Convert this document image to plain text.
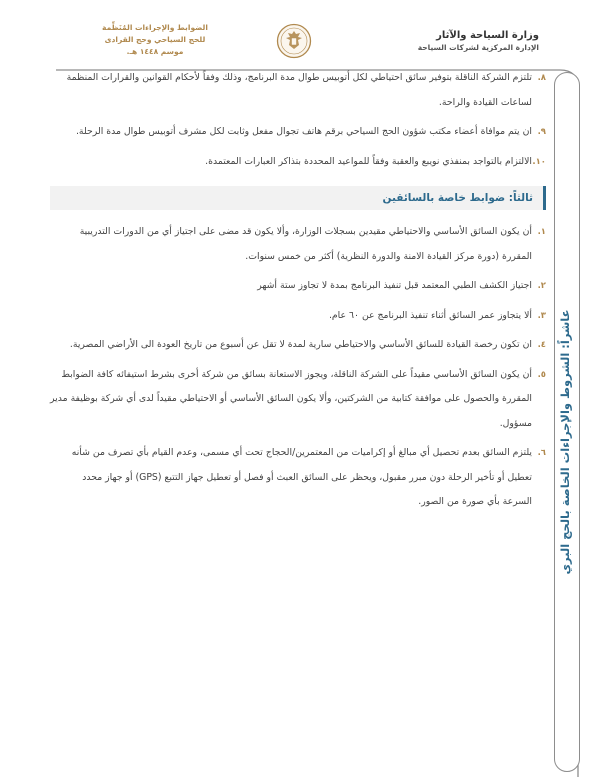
وزارة السياحة والآثار
الإدارة المركزية لشركات السياحة
الضوابط والإجراءات المُنَظِّمة
للحج السياحي وحج القرادى
موسم ١٤٤٨ هـ.
عاشراً: الشروط والإجراءات الخاصة بالحج البري
٨.
تلتزم الشركة الناقلة بتوفير سائق احتياطي لكل أتوبيس طوال مدة البرنامج، وذلك وفقاً لأحكام القوانين والقرارات المنظمة لساعات القيادة والراحة.
٩.
ان يتم موافاة أعضاء مكتب شؤون الحج السياحي برقم هاتف تجوال مفعل وثابت لكل مشرف أتوبيس طوال مدة الرحلة.
١٠.
الالتزام بالتواجد بمنفذي نويبع والعقبة وفقاً للمواعيد المحددة بتذاكر العبارات المعتمدة.
ثالثاً: ضوابط خاصة بالسائقين
١.
أن يكون السائق الأساسي والاحتياطي مقيدين بسجلات الوزارة، وألا يكون قد مضى على اجتياز أي من الدورات التدريبية المقررة (دورة مركز القيادة الامنة والدورة النظرية) أكثر من خمس سنوات.
٢.
اجتياز الكشف الطبي المعتمد قبل تنفيذ البرنامج بمدة لا تجاوز ستة أشهر
٣.
ألا يتجاوز عمر السائق أثناء تنفيذ البرنامج عن ٦٠ عام.
٤.
ان تكون رخصة القيادة للسائق الأساسي والاحتياطي سارية لمدة لا تقل عن أسبوع من تاريخ العودة الى الأراضي المصرية.
٥.
أن يكون السائق الأساسي مقيداً على الشركة الناقلة، ويجوز الاستعانة بسائق من شركة أخرى بشرط استيفائه كافة الضوابط المقررة والحصول على موافقة كتابية من الشركتين، وألا يكون السائق الأساسي أو الاحتياطي مقيداً لدى أي شركة بوظيفة مدير مسؤول.
٦.
يلتزم السائق بعدم تحصيل أي مبالغ أو إكراميات من المعتمرين/الحجاج تحت أي مسمى، وعدم القيام بأي تصرف من شأنه تعطيل أو تأخير الرحلة دون مبرر مقبول، ويحظر على السائق العبث أو فصل أو تعطيل جهاز التتبع (GPS) أو جهاز محدد السرعة بأي صورة من الصور.
